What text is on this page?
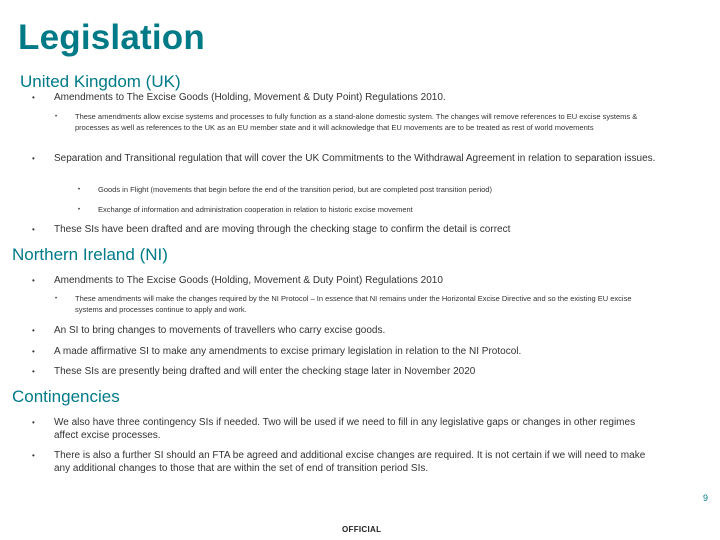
Legislation
United Kingdom (UK)
• Amendments to The Excise Goods (Holding, Movement & Duty Point) Regulations 2010.
• These amendments allow excise systems and processes to fully function as a stand-alone domestic system. The changes will remove references to EU excise systems & processes as well as references to the UK as an EU member state and it will acknowledge that EU movements are to be treated as rest of world movements
• Separation and Transitional regulation that will cover the UK Commitments to the Withdrawal Agreement in relation to separation issues.
• Goods in Flight (movements that begin before the end of the transition period, but are completed post transition period)
• Exchange of information and administration cooperation in relation to historic excise movement
• These SIs have been drafted and are moving through the checking stage to confirm the detail is correct
Northern Ireland (NI)
• Amendments to The Excise Goods (Holding, Movement & Duty Point) Regulations 2010
• These amendments will make the changes required by the NI Protocol – In essence that NI remains under the Horizontal Excise Directive and so the existing EU excise systems and processes continue to apply and work.
• An SI to bring changes to movements of travellers who carry excise goods.
• A made affirmative SI to make any amendments to excise primary legislation in relation to the NI Protocol.
• These SIs are presently being drafted and will enter the checking stage later in November 2020
Contingencies
• We also have three contingency SIs if needed. Two will be used if we need to fill in any legislative gaps or changes in other regimes affect excise processes.
• There is also a further SI should an FTA be agreed and additional excise changes are required. It is not certain if we will need to make any additional changes to those that are within the set of end of transition period SIs.
9
OFFICIAL
